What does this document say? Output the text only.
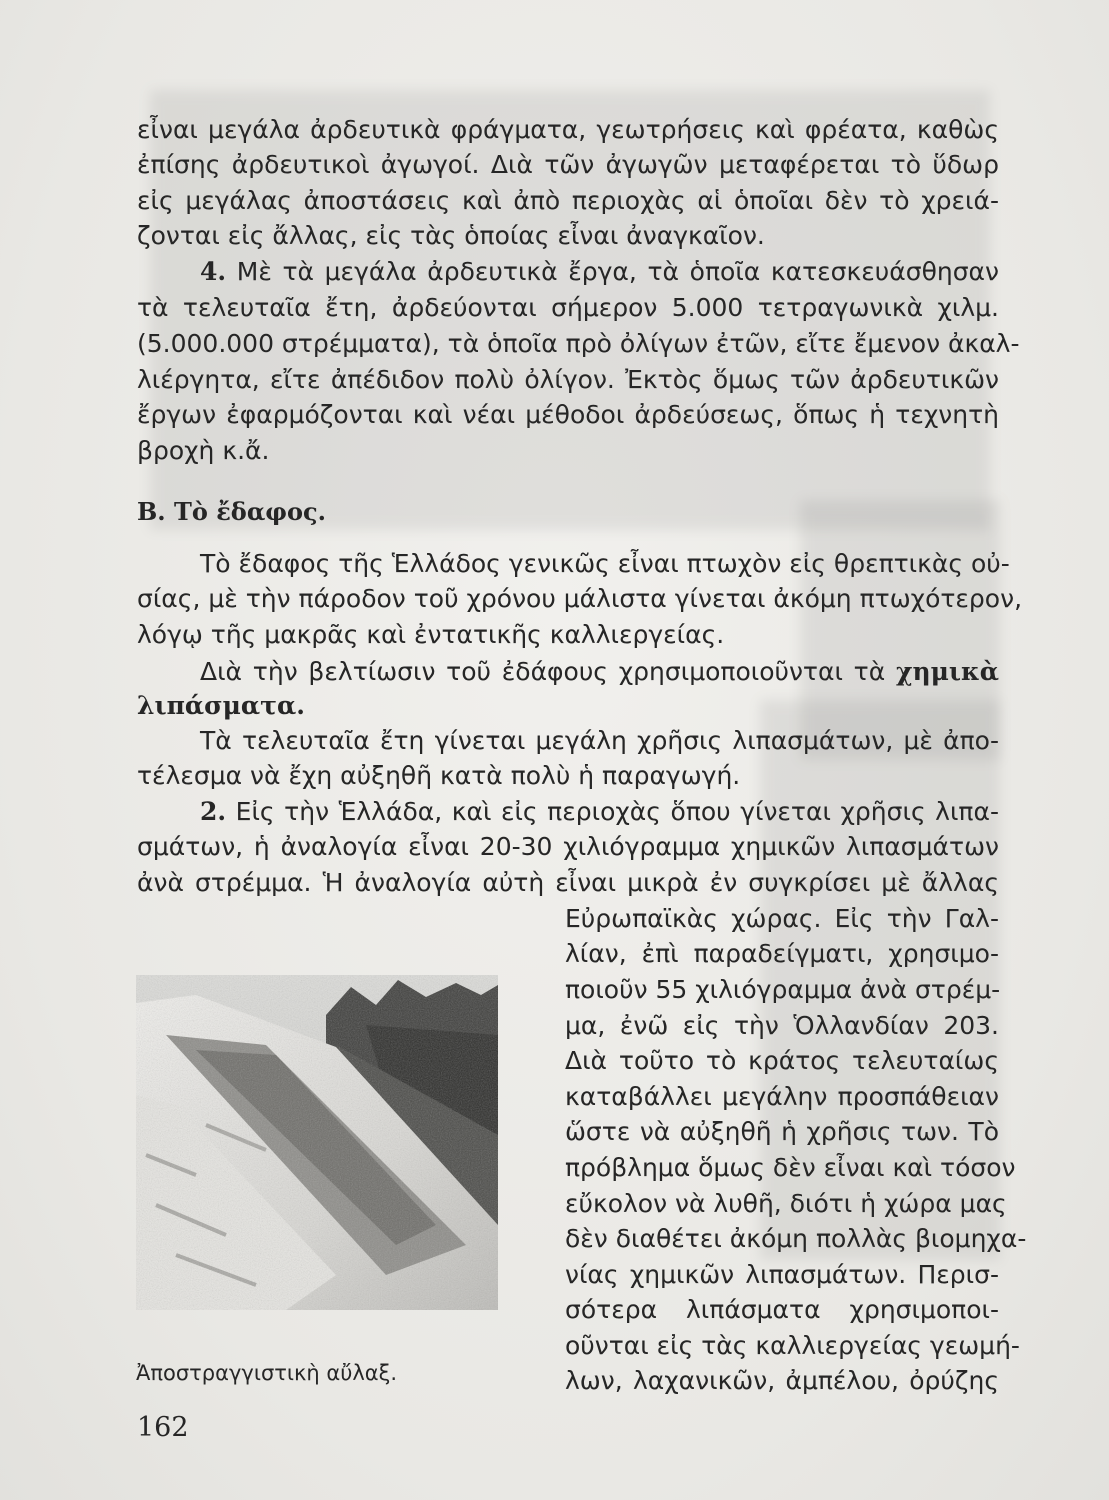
εἶναι μεγάλα ἀρδευτικὰ φράγματα, γεωτρήσεις καὶ φρέατα, καθὼς
ἐπίσης ἀρδευτικοὶ ἀγωγοί. Διὰ τῶν ἀγωγῶν μεταφέρεται τὸ ὕδωρ
εἰς μεγάλας ἀποστάσεις καὶ ἀπὸ περιοχὰς αἱ ὁποῖαι δὲν τὸ χρειά-
ζονται εἰς ἄλλας, εἰς τὰς ὁποίας εἶναι ἀναγκαῖον.
4. Μὲ τὰ μεγάλα ἀρδευτικὰ ἔργα, τὰ ὁποῖα κατεσκευάσθησαν
τὰ τελευταῖα ἔτη, ἀρδεύονται σήμερον 5.000 τετραγωνικὰ χιλμ.
(5.000.000 στρέμματα), τὰ ὁποῖα πρὸ ὀλίγων ἐτῶν, εἴτε ἔμενον ἀκαλ-
λιέργητα, εἴτε ἀπέδιδον πολὺ ὀλίγον. Ἐκτὸς ὅμως τῶν ἀρδευτικῶν
ἔργων ἐφαρμόζονται καὶ νέαι μέθοδοι ἀρδεύσεως, ὅπως ἡ τεχνητὴ
βροχὴ κ.ἄ.
Β. Τὸ ἔδαφος.
Τὸ ἔδαφος τῆς Ἑλλάδος γενικῶς εἶναι πτωχὸν εἰς θρεπτικὰς οὐ-
σίας, μὲ τὴν πάροδον τοῦ χρόνου μάλιστα γίνεται ἀκόμη πτωχότερον,
λόγῳ τῆς μακρᾶς καὶ ἐντατικῆς καλλιεργείας.
Διὰ τὴν βελτίωσιν τοῦ ἐδάφους χρησιμοποιοῦνται τὰ χημικὰ
λιπάσματα.
Τὰ τελευταῖα ἔτη γίνεται μεγάλη χρῆσις λιπασμάτων, μὲ ἀπο-
τέλεσμα νὰ ἔχη αὐξηθῆ κατὰ πολὺ ἡ παραγωγή.
2. Εἰς τὴν Ἑλλάδα, καὶ εἰς περιοχὰς ὅπου γίνεται χρῆσις λιπα-
σμάτων, ἡ ἀναλογία εἶναι 20-30 χιλιόγραμμα χημικῶν λιπασμάτων
ἀνὰ στρέμμα. Ἡ ἀναλογία αὐτὴ εἶναι μικρὰ ἐν συγκρίσει μὲ ἄλλας
Εὐρωπαϊκὰς χώρας. Εἰς τὴν Γαλ-
λίαν, ἐπὶ παραδείγματι, χρησιμο-
ποιοῦν 55 χιλιόγραμμα ἀνὰ στρέμ-
μα, ἐνῶ εἰς τὴν Ὁλλανδίαν 203.
Διὰ τοῦτο τὸ κράτος τελευταίως
καταβάλλει μεγάλην προσπάθειαν
ὥστε νὰ αὐξηθῆ ἡ χρῆσις των. Τὸ
πρόβλημα ὅμως δὲν εἶναι καὶ τόσον
εὔκολον νὰ λυθῆ, διότι ἡ χώρα μας
δὲν διαθέτει ἀκόμη πολλὰς βιομηχα-
νίας χημικῶν λιπασμάτων. Περισ-
σότερα λιπάσματα χρησιμοποι-
οῦνται εἰς τὰς καλλιεργείας γεωμή-
λων, λαχανικῶν, ἀμπέλου, ὀρύζης
Ἀποστραγγιστικὴ αὔλαξ.
162
